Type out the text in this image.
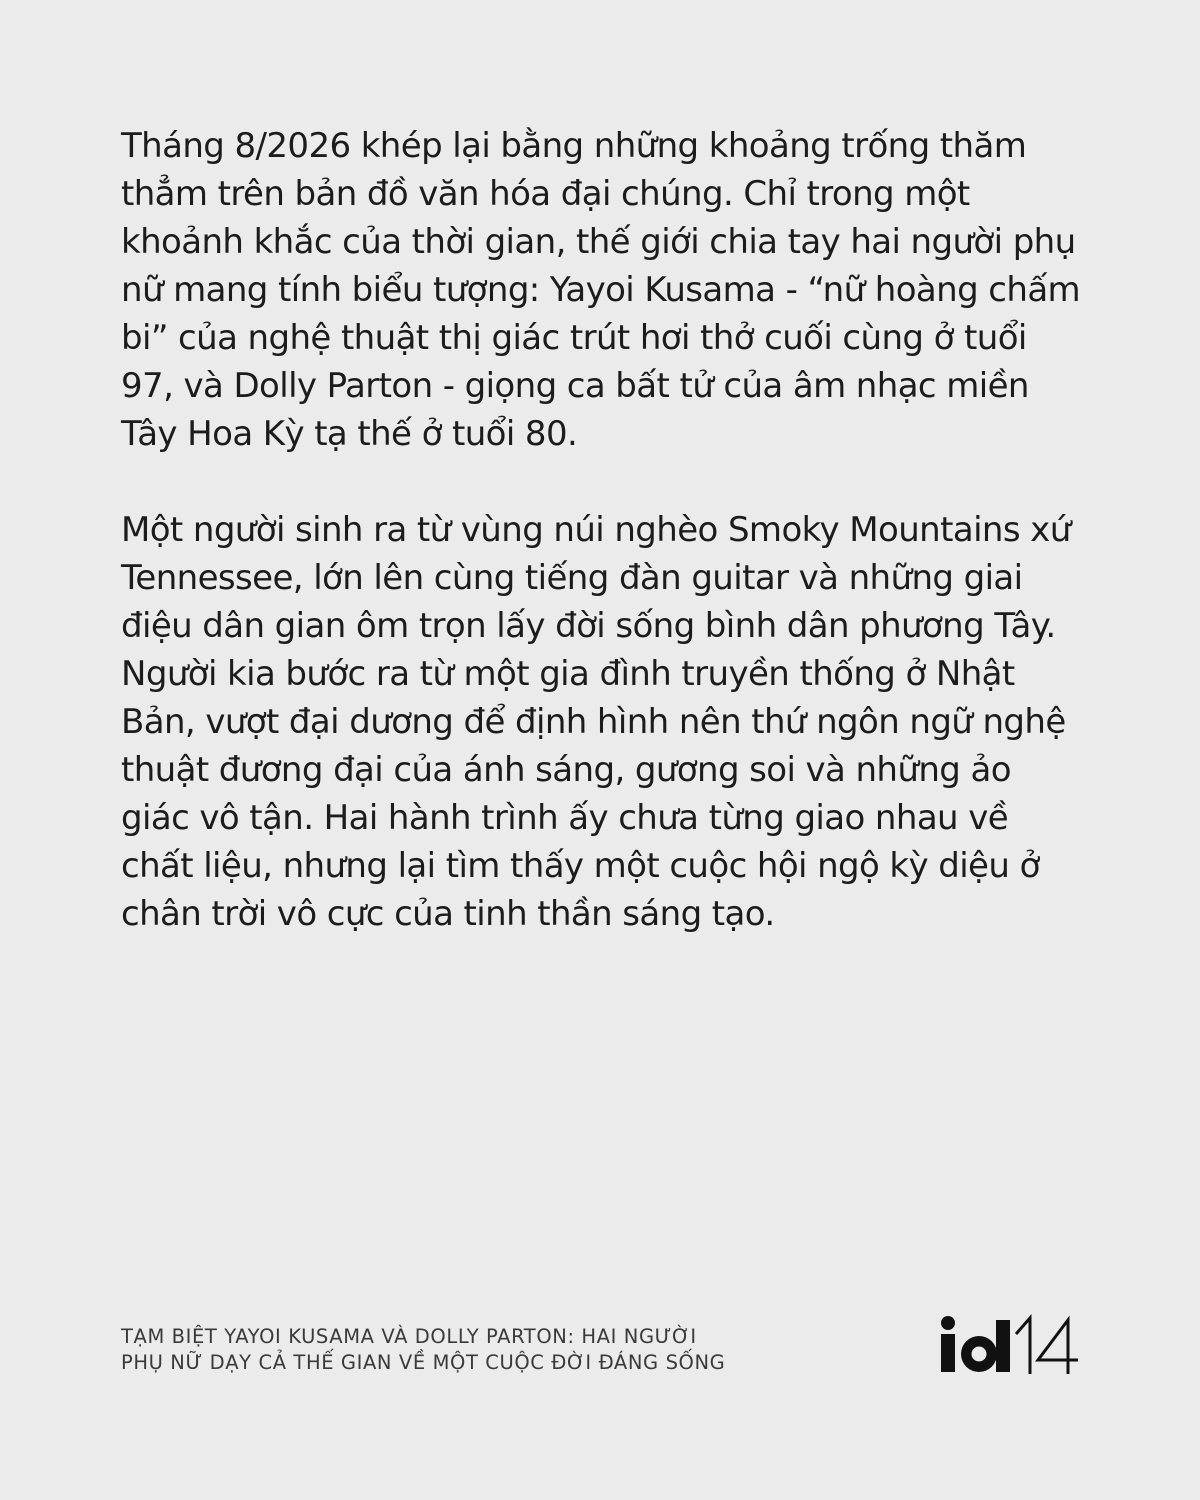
Tháng 8/2026 khép lại bằng những khoảng trống thăm thẳm trên bản đồ văn hóa đại chúng. Chỉ trong một khoảnh khắc của thời gian, thế giới chia tay hai người phụ nữ mang tính biểu tượng: Yayoi Kusama - “nữ hoàng chấm bi” của nghệ thuật thị giác trút hơi thở cuối cùng ở tuổi 97, và Dolly Parton - giọng ca bất tử của âm nhạc miền Tây Hoa Kỳ tạ thế ở tuổi 80.

Một người sinh ra từ vùng núi nghèo Smoky Mountains xứ Tennessee, lớn lên cùng tiếng đàn guitar và những giai điệu dân gian ôm trọn lấy đời sống bình dân phương Tây. Người kia bước ra từ một gia đình truyền thống ở Nhật Bản, vượt đại dương để định hình nên thứ ngôn ngữ nghệ thuật đương đại của ánh sáng, gương soi và những ảo giác vô tận. Hai hành trình ấy chưa từng giao nhau về chất liệu, nhưng lại tìm thấy một cuộc hội ngộ kỳ diệu ở chân trời vô cực của tinh thần sáng tạo.

TẠM BIỆT YAYOI KUSAMA VÀ DOLLY PARTON: HAI NGƯỜI
PHỤ NỮ DẠY CẢ THẾ GIAN VỀ MỘT CUỘC ĐỜI ĐÁNG SỐNG
